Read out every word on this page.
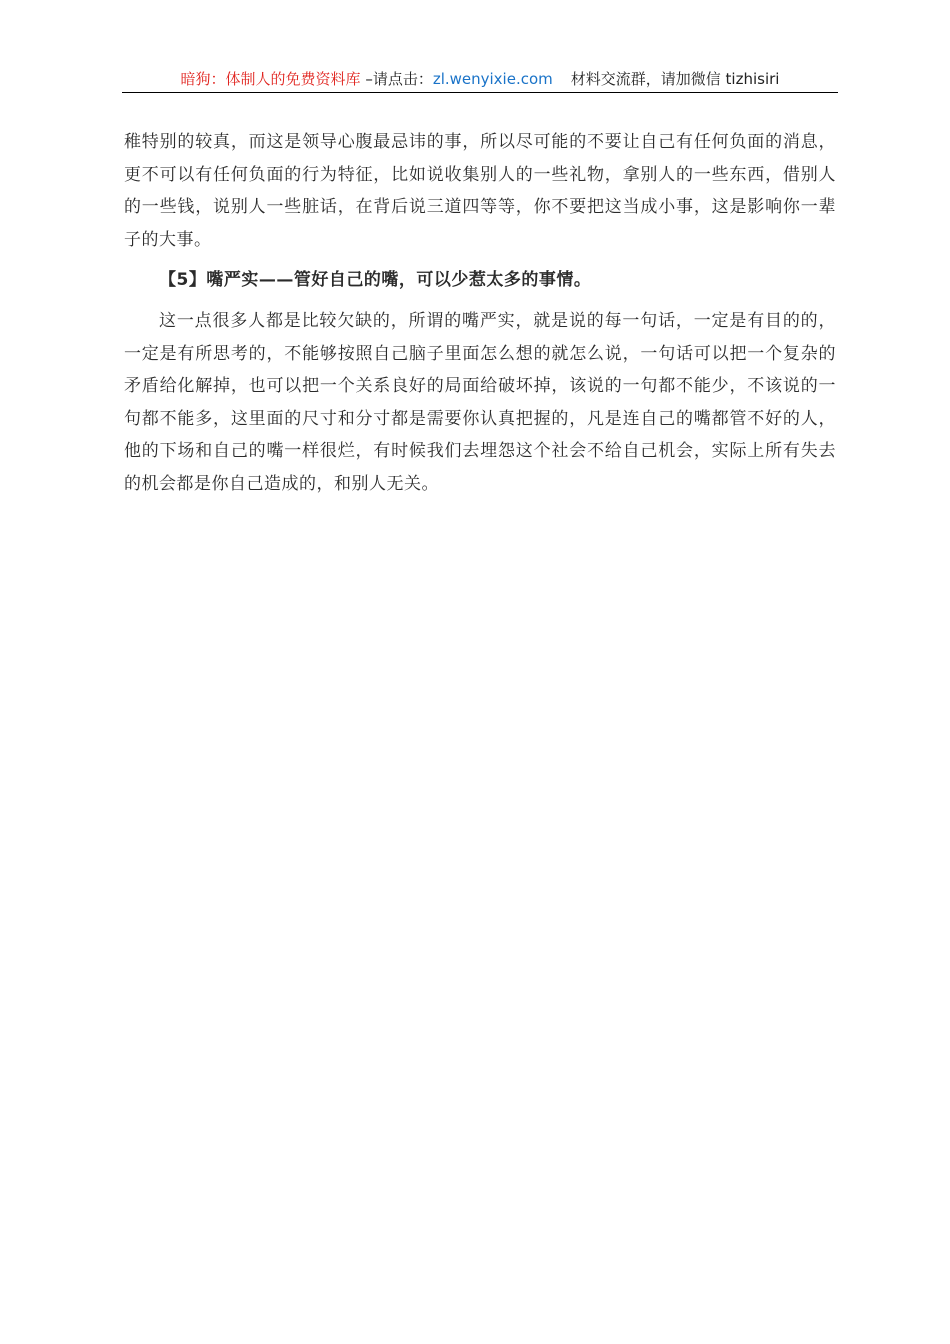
暗狗：体制人的免费资料库 –请点击：zl.wenyixie.com 材料交流群，请加微信 tizhisiri

稚特别的较真，而这是领导心腹最忌讳的事，所以尽可能的不要让自己有任何负面的消息，更不可以有任何负面的行为特征，比如说收集别人的一些礼物，拿别人的一些东西，借别人的一些钱，说别人一些脏话，在背后说三道四等等，你不要把这当成小事，这是影响你一辈子的大事。

【5】嘴严实——管好自己的嘴，可以少惹太多的事情。

这一点很多人都是比较欠缺的，所谓的嘴严实，就是说的每一句话，一定是有目的的，一定是有所思考的，不能够按照自己脑子里面怎么想的就怎么说，一句话可以把一个复杂的矛盾给化解掉，也可以把一个关系良好的局面给破坏掉，该说的一句都不能少，不该说的一句都不能多，这里面的尺寸和分寸都是需要你认真把握的，凡是连自己的嘴都管不好的人，他的下场和自己的嘴一样很烂，有时候我们去埋怨这个社会不给自己机会，实际上所有失去的机会都是你自己造成的，和别人无关。
